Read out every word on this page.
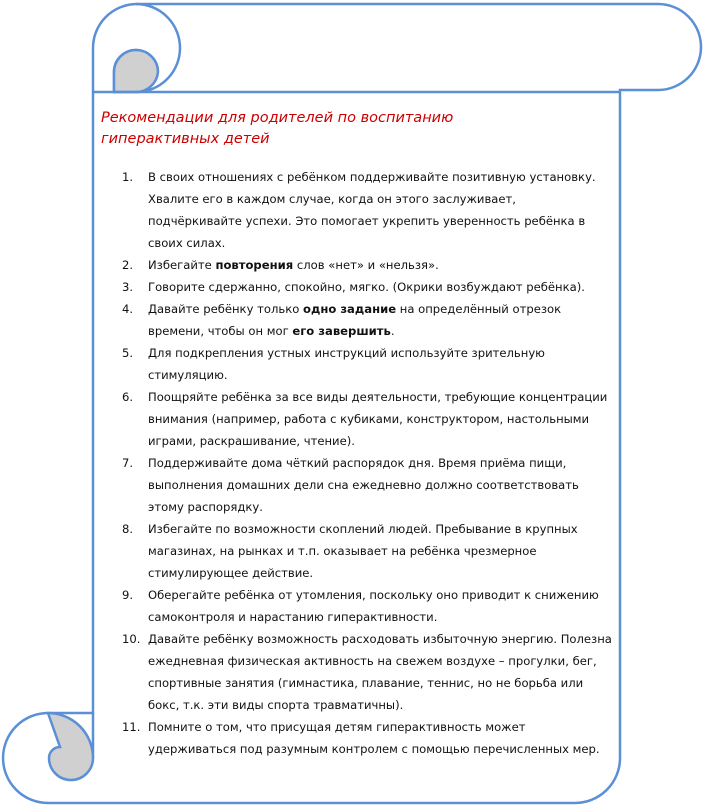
Рекомендации для родителей по воспитанию гиперактивных детей
1.	В своих отношениях с ребёнком поддерживайте позитивную установку. Хвалите его в каждом случае, когда он этого заслуживает, подчёркивайте успехи. Это помогает укрепить уверенность ребёнка в своих силах.
2.	Избегайте повторения слов «нет» и «нельзя».
3.	Говорите сдержанно, спокойно, мягко. (Окрики возбуждают ребёнка).
4.	Давайте ребёнку только одно задание на определённый отрезок времени, чтобы он мог его завершить.
5.	Для подкрепления устных инструкций используйте зрительную стимуляцию.
6.	Поощряйте ребёнка за все виды деятельности, требующие концентрации внимания (например, работа с кубиками, конструктором, настольными играми, раскрашивание, чтение).
7.	Поддерживайте дома чёткий распорядок дня. Время приёма пищи, выполнения домашних дели сна ежедневно должно соответствовать этому распорядку.
8.	Избегайте по возможности скоплений людей. Пребывание в крупных магазинах, на рынках и т.п. оказывает на ребёнка чрезмерное стимулирующее действие.
9.	Оберегайте ребёнка от утомления, поскольку оно приводит к снижению самоконтроля и нарастанию гиперактивности.
10. Давайте ребёнку возможность расходовать избыточную энергию. Полезна ежедневная физическая активность на свежем воздухе – прогулки, бег, спортивные занятия (гимнастика, плавание, теннис, но не борьба или бокс, т.к. эти виды спорта травматичны).
11. Помните о том, что присущая детям гиперактивность может удерживаться под разумным контролем с помощью перечисленных мер.
